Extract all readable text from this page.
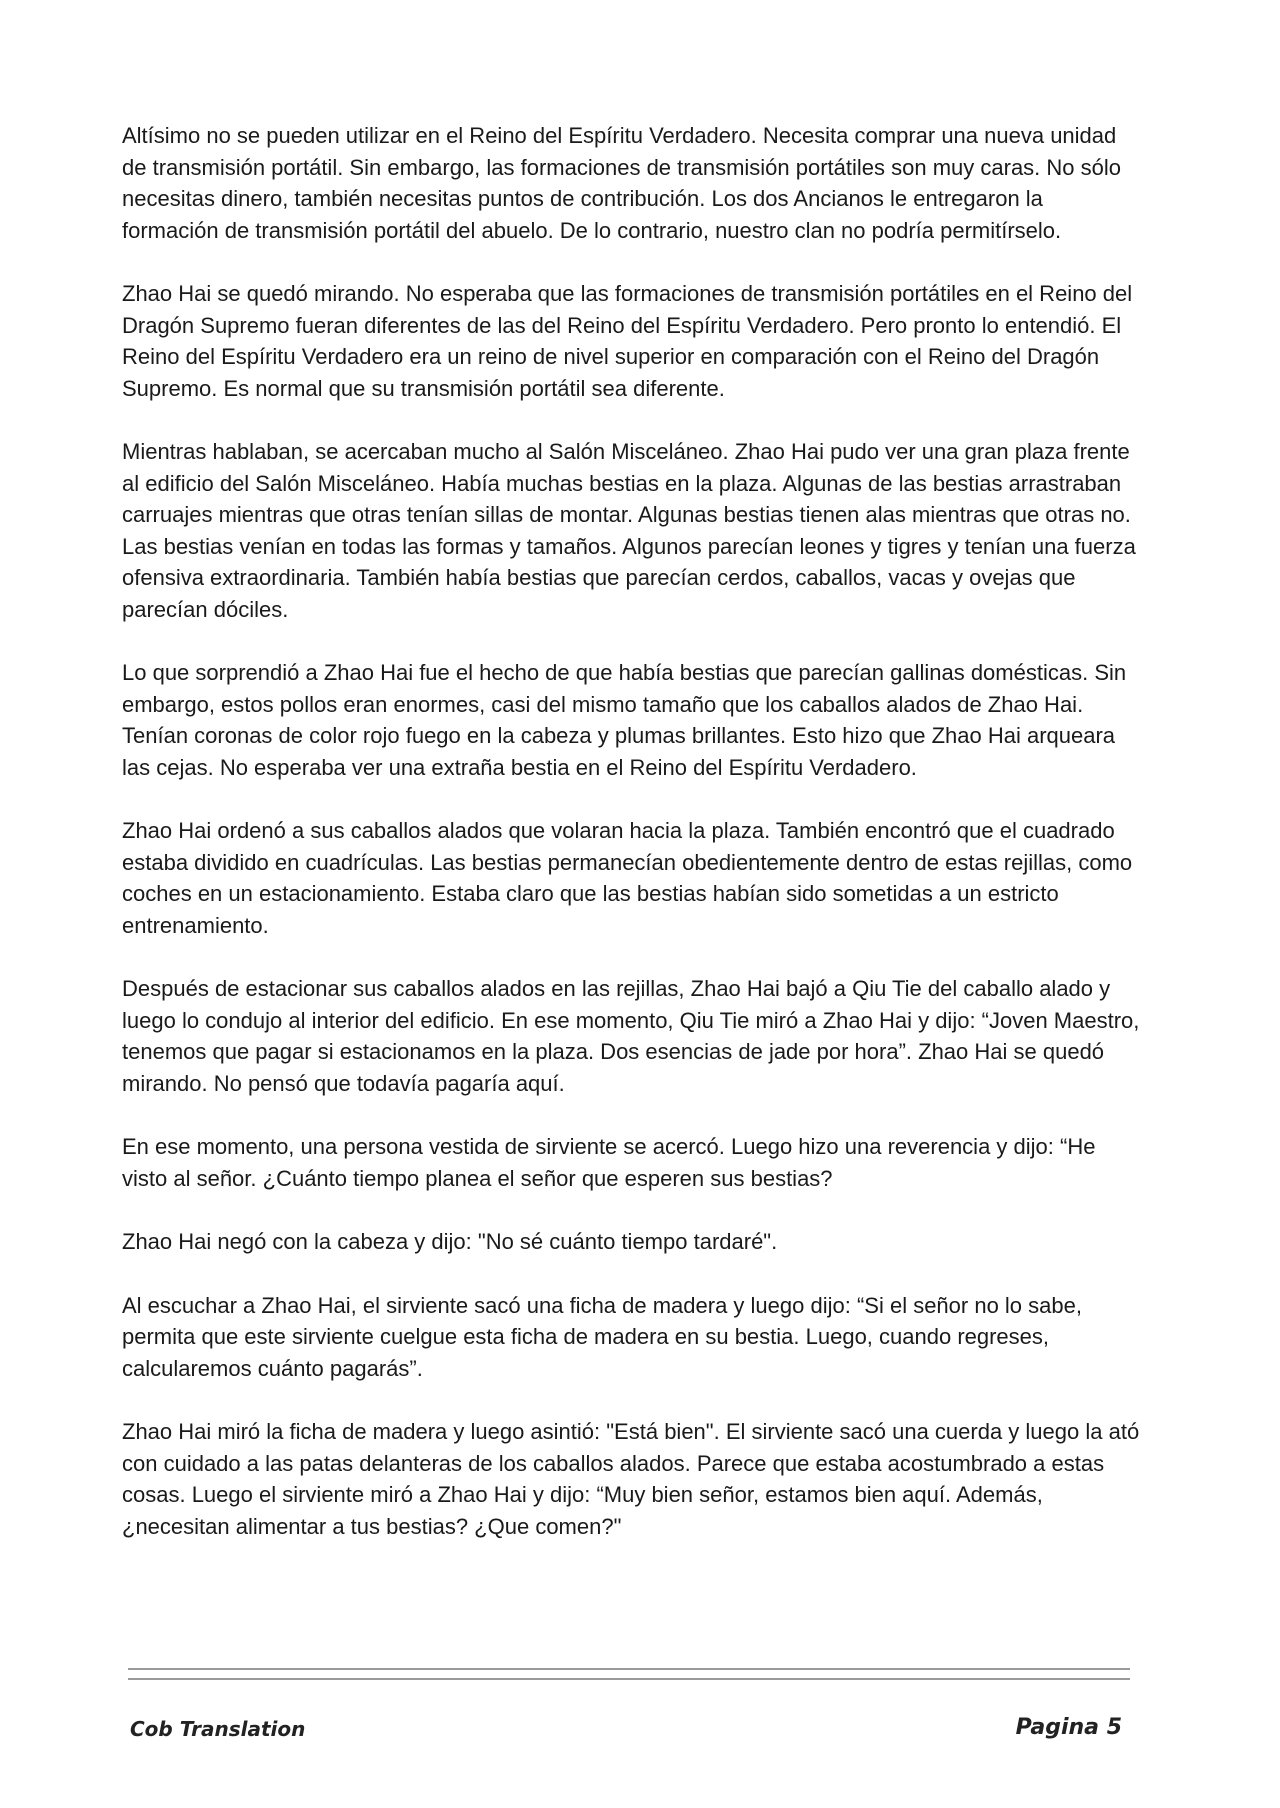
Altísimo no se pueden utilizar en el Reino del Espíritu Verdadero. Necesita comprar una nueva unidad de transmisión portátil. Sin embargo, las formaciones de transmisión portátiles son muy caras. No sólo necesitas dinero, también necesitas puntos de contribución. Los dos Ancianos le entregaron la formación de transmisión portátil del abuelo. De lo contrario, nuestro clan no podría permitírselo.

Zhao Hai se quedó mirando. No esperaba que las formaciones de transmisión portátiles en el Reino del Dragón Supremo fueran diferentes de las del Reino del Espíritu Verdadero. Pero pronto lo entendió. El Reino del Espíritu Verdadero era un reino de nivel superior en comparación con el Reino del Dragón Supremo. Es normal que su transmisión portátil sea diferente.

Mientras hablaban, se acercaban mucho al Salón Misceláneo. Zhao Hai pudo ver una gran plaza frente al edificio del Salón Misceláneo. Había muchas bestias en la plaza. Algunas de las bestias arrastraban carruajes mientras que otras tenían sillas de montar. Algunas bestias tienen alas mientras que otras no. Las bestias venían en todas las formas y tamaños. Algunos parecían leones y tigres y tenían una fuerza ofensiva extraordinaria. También había bestias que parecían cerdos, caballos, vacas y ovejas que parecían dóciles.

Lo que sorprendió a Zhao Hai fue el hecho de que había bestias que parecían gallinas domésticas. Sin embargo, estos pollos eran enormes, casi del mismo tamaño que los caballos alados de Zhao Hai. Tenían coronas de color rojo fuego en la cabeza y plumas brillantes. Esto hizo que Zhao Hai arqueara las cejas. No esperaba ver una extraña bestia en el Reino del Espíritu Verdadero.

Zhao Hai ordenó a sus caballos alados que volaran hacia la plaza. También encontró que el cuadrado estaba dividido en cuadrículas. Las bestias permanecían obedientemente dentro de estas rejillas, como coches en un estacionamiento. Estaba claro que las bestias habían sido sometidas a un estricto entrenamiento.

Después de estacionar sus caballos alados en las rejillas, Zhao Hai bajó a Qiu Tie del caballo alado y luego lo condujo al interior del edificio. En ese momento, Qiu Tie miró a Zhao Hai y dijo: “Joven Maestro, tenemos que pagar si estacionamos en la plaza. Dos esencias de jade por hora”. Zhao Hai se quedó mirando. No pensó que todavía pagaría aquí.

En ese momento, una persona vestida de sirviente se acercó. Luego hizo una reverencia y dijo: “He visto al señor. ¿Cuánto tiempo planea el señor que esperen sus bestias?

Zhao Hai negó con la cabeza y dijo: "No sé cuánto tiempo tardaré".

Al escuchar a Zhao Hai, el sirviente sacó una ficha de madera y luego dijo: “Si el señor no lo sabe, permita que este sirviente cuelgue esta ficha de madera en su bestia. Luego, cuando regreses, calcularemos cuánto pagarás”.

Zhao Hai miró la ficha de madera y luego asintió: "Está bien". El sirviente sacó una cuerda y luego la ató con cuidado a las patas delanteras de los caballos alados. Parece que estaba acostumbrado a estas cosas. Luego el sirviente miró a Zhao Hai y dijo: “Muy bien señor, estamos bien aquí. Además, ¿necesitan alimentar a tus bestias? ¿Que comen?"

Cob Translation	Pagina 5
